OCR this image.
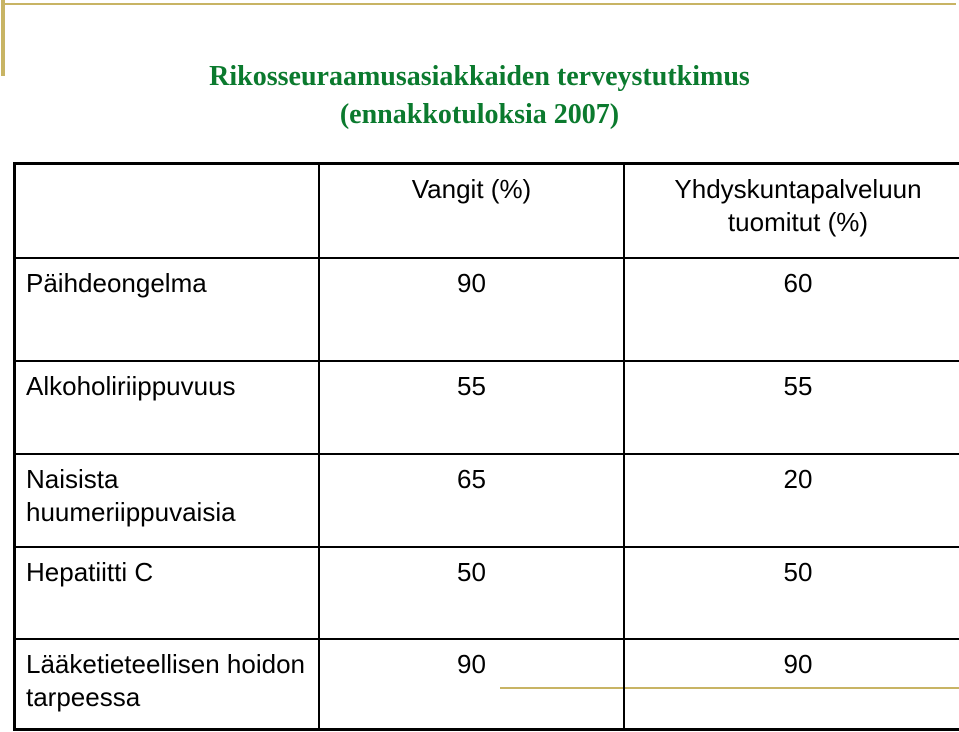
Rikosseuraamusasiakkaiden terveystutkimus
(ennakkotuloksia 2007)
	Vangit (%)	Yhdyskuntapalveluun tuomitut (%)
Päihdeongelma	90	60
Alkoholiriippuvuus	55	55
Naisista huumeriippuvaisia	65	20
Hepatiitti C	50	50
Lääketieteellisen hoidon tarpeessa	90	90
